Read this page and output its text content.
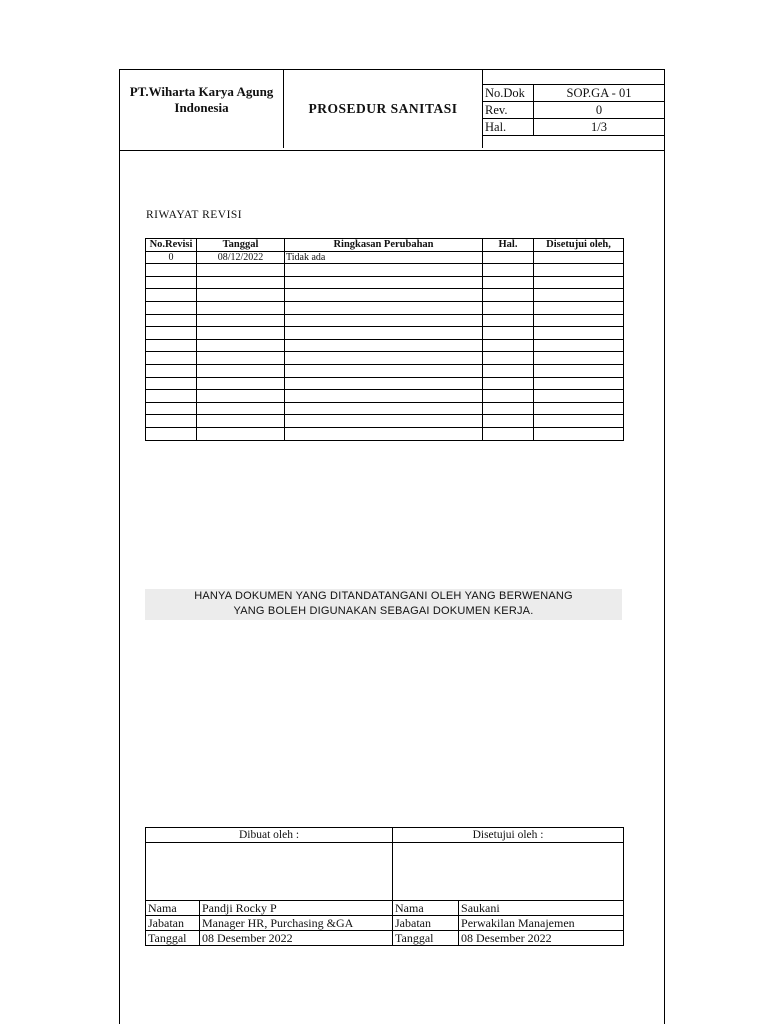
PT.Wiharta Karya Agung
Indonesia	PROSEDUR SANITASI
No.Dok	SOP.GA - 01
Rev.	0
Hal.	1/3
RIWAYAT REVISI
No.Revisi	Tanggal	Ringkasan Perubahan	Hal.	Disetujui oleh,
0	08/12/2022	Tidak ada		

HANYA DOKUMEN YANG DITANDATANGANI OLEH YANG BERWENANG
YANG BOLEH DIGUNAKAN SEBAGAI DOKUMEN KERJA.
Dibuat oleh :		Disetujui oleh :	

Nama	Pandji Rocky P	Nama	Saukani
Jabatan	Manager HR, Purchasing &GA	Jabatan	Perwakilan Manajemen
Tanggal	08 Desember 2022	Tanggal	08 Desember 2022
